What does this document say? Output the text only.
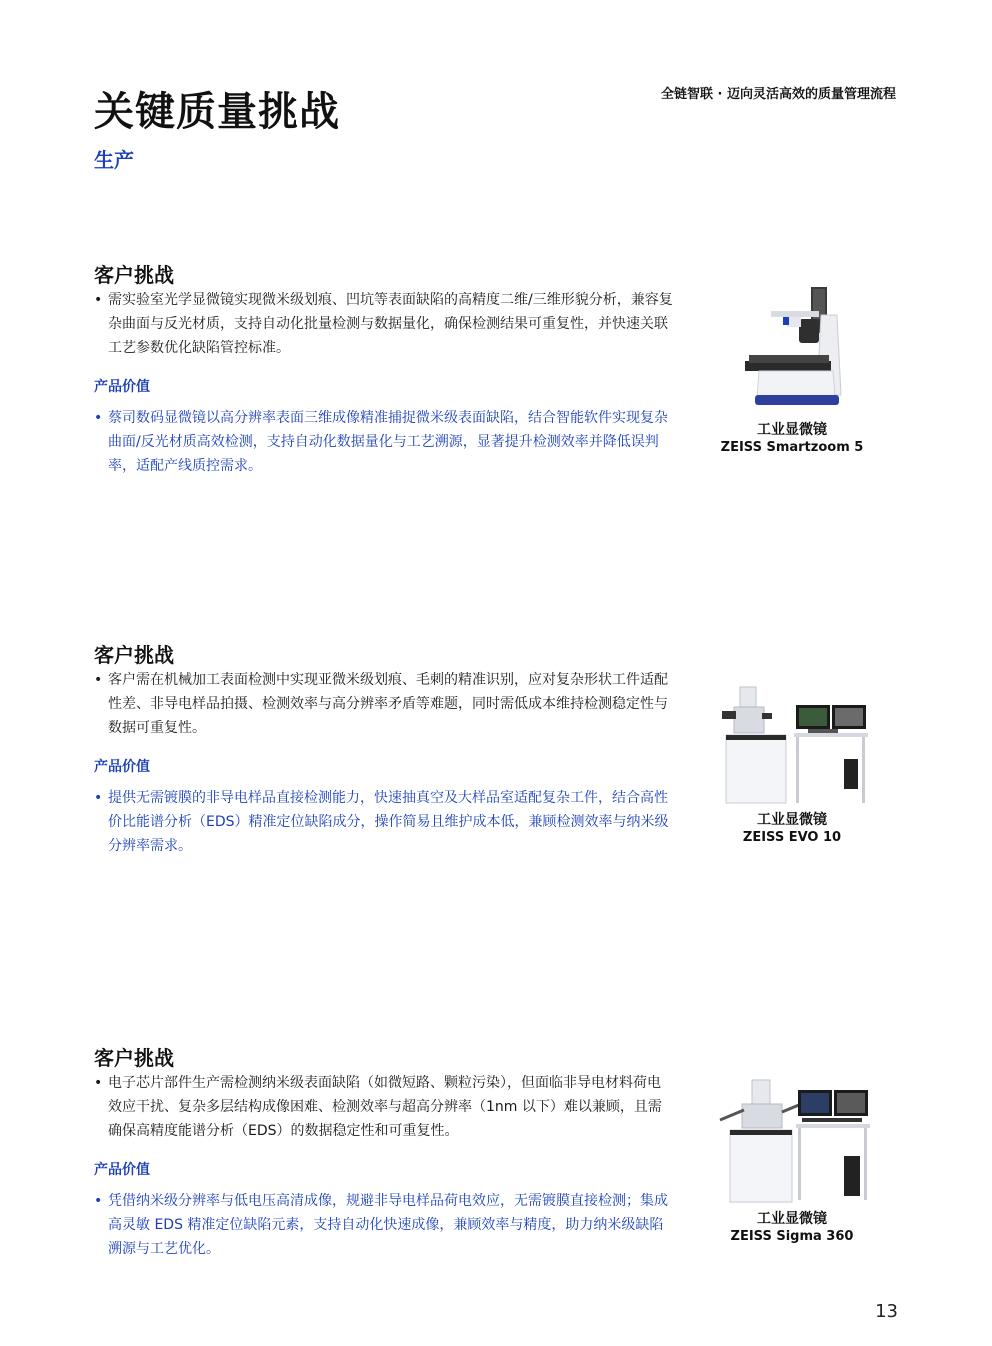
关键质量挑战
生产
全链智联 · 迈向灵活高效的质量管理流程
客户挑战

• 需实验室光学显微镜实现微米级划痕、凹坑等表面缺陷的高精度二维/三维形貌分析，兼容复杂曲面与反光材质，支持自动化批量检测与数据量化，确保检测结果可重复性，并快速关联工艺参数优化缺陷管控标准。

产品价值

• 蔡司数码显微镜以高分辨率表面三维成像精准捕捉微米级表面缺陷，结合智能软件实现复杂曲面/反光材质高效检测，支持自动化数据量化与工艺溯源，显著提升检测效率并降低误判率，适配产线质控需求。

工业显微镜
ZEISS Smartzoom 5
客户挑战

• 客户需在机械加工表面检测中实现亚微米级划痕、毛刺的精准识别，应对复杂形状工件适配性差、非导电样品拍摄、检测效率与高分辨率矛盾等难题，同时需低成本维持检测稳定性与数据可重复性。

产品价值

• 提供无需镀膜的非导电样品直接检测能力，快速抽真空及大样品室适配复杂工件，结合高性价比能谱分析（EDS）精准定位缺陷成分，操作简易且维护成本低，兼顾检测效率与纳米级分辨率需求。

工业显微镜
ZEISS EVO 10
客户挑战

• 电子芯片部件生产需检测纳米级表面缺陷（如微短路、颗粒污染），但面临非导电材料荷电效应干扰、复杂多层结构成像困难、检测效率与超高分辨率（1nm 以下）难以兼顾，且需确保高精度能谱分析（EDS）的数据稳定性和可重复性。

产品价值

• 凭借纳米级分辨率与低电压高清成像，规避非导电样品荷电效应，无需镀膜直接检测；集成高灵敏 EDS 精准定位缺陷元素，支持自动化快速成像，兼顾效率与精度，助力纳米级缺陷溯源与工艺优化。

工业显微镜
ZEISS Sigma 360
13
